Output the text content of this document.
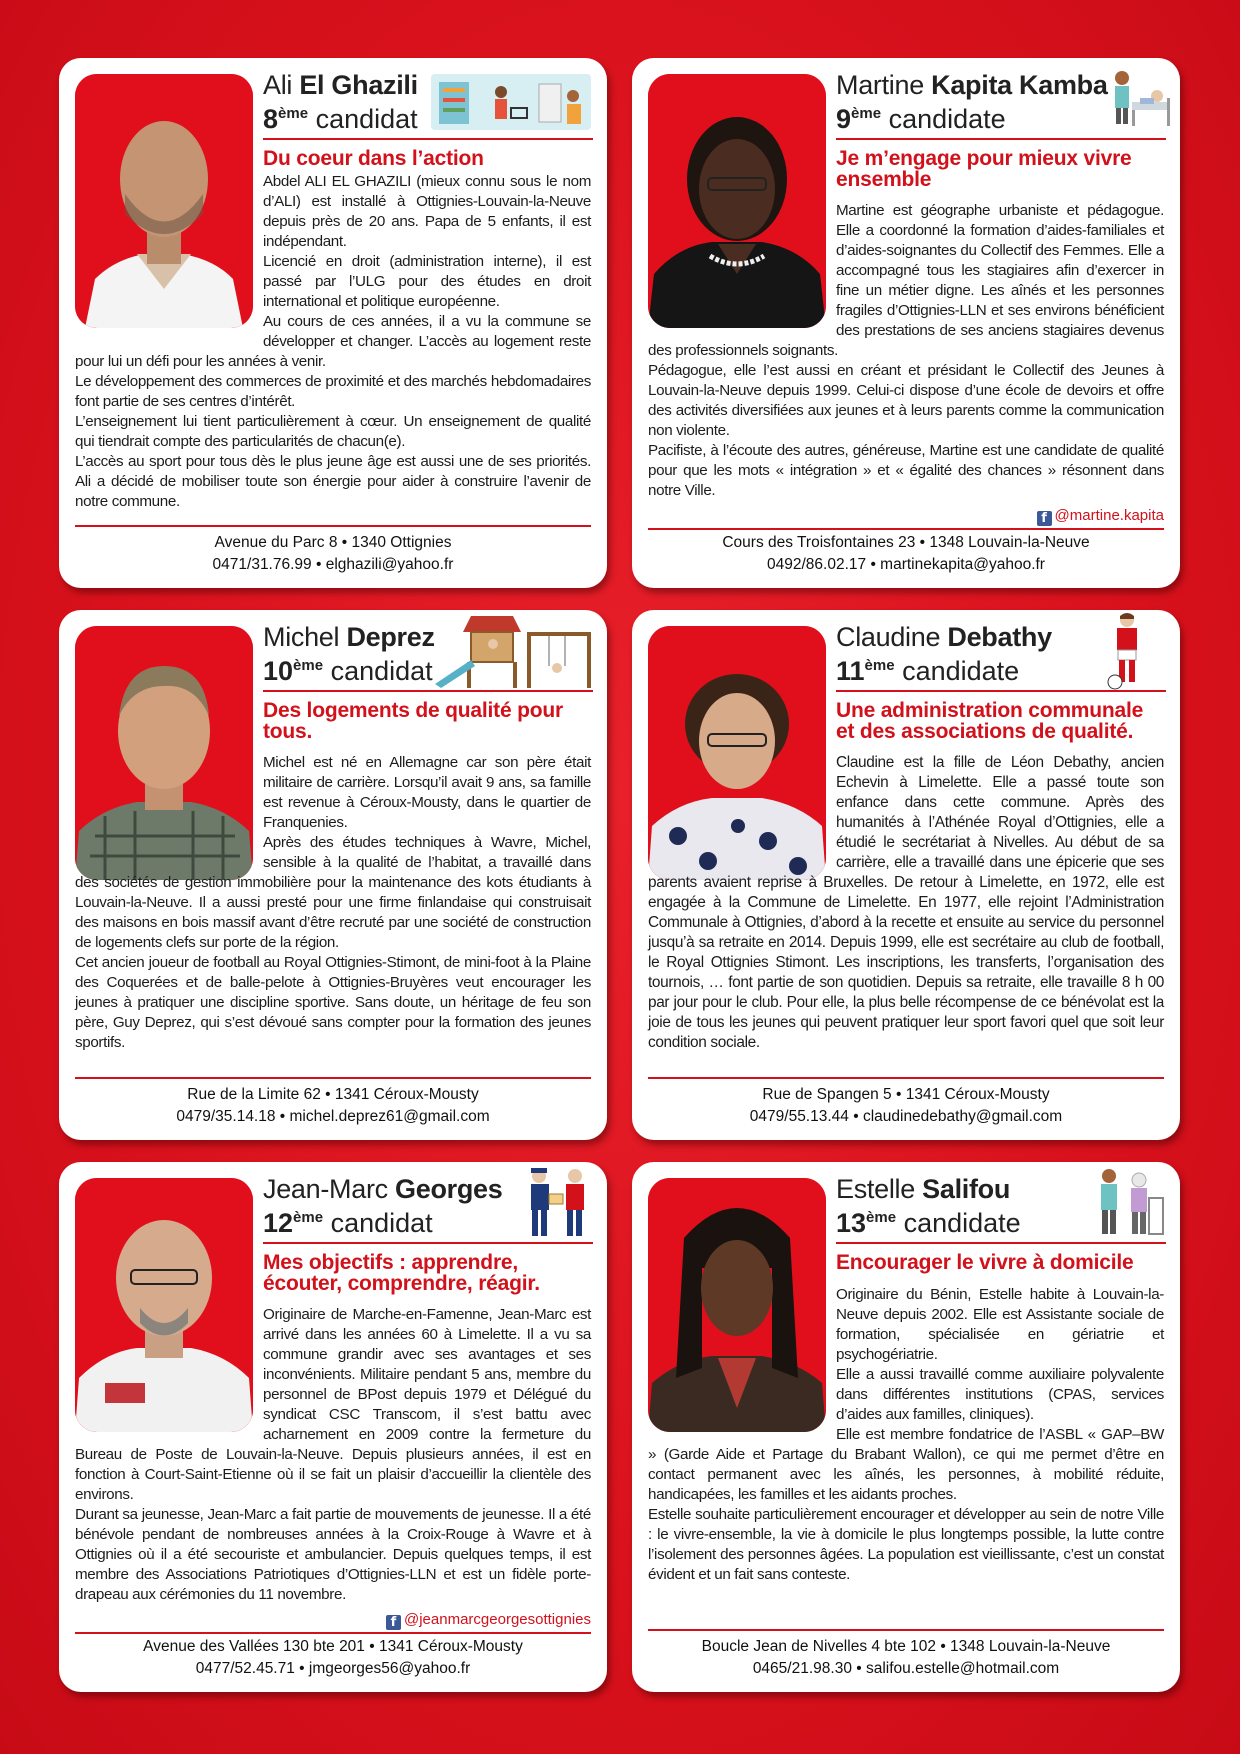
Ali El Ghazili
8ème candidat
Du coeur dans l’action

Abdel ALI EL GHAZILI (mieux connu sous le nom d’ALI) est installé à Ottignies-Louvain-la-Neuve depuis près de 20 ans. Papa de 5 enfants, il est indépendant.

Licencié en droit (administration interne), il est passé par l’ULG pour des études en droit international et politique européenne.

Au cours de ces années, il a vu la commune se développer et changer. L’accès au logement reste pour lui un défi pour les années à venir.

Le développement des commerces de proximité et des marchés hebdomadaires font partie de ses centres d’intérêt.

L’enseignement lui tient particulièrement à cœur. Un enseignement de qualité qui tiendrait compte des particularités de chacun(e).

L’accès au sport pour tous dès le plus jeune âge est aussi une de ses priorités. Ali a décidé de mobiliser toute son énergie pour aider à construire l’avenir de notre commune.

Avenue du Parc 8 • 1340 Ottignies
0471/31.76.99 • elghazili@yahoo.fr
Martine Kapita Kamba
9ème candidate
Je m’engage pour mieux vivre ensemble

Martine est géographe urbaniste et pédagogue. Elle a coordonné la formation d’aides-familiales et d’aides-soignantes du Collectif des Femmes. Elle a accompagné tous les stagiaires afin d’exercer in fine un métier digne. Les aînés et les personnes fragiles d’Ottignies-LLN et ses environs bénéficient des prestations de ses anciens stagiaires devenus des professionnels soignants.

Pédagogue, elle l’est aussi en créant et présidant le Collectif des Jeunes à Louvain-la-Neuve depuis 1999. Celui-ci dispose d’une école de devoirs et offre des activités diversifiées aux jeunes et à leurs parents comme la communication non violente.

Pacifiste, à l’écoute des autres, généreuse, Martine est une candidate de qualité pour que les mots « intégration » et « égalité des chances » résonnent dans notre Ville.

f @martine.kapita
Cours des Troisfontaines 23 • 1348 Louvain-la-Neuve
0492/86.02.17 • martinekapita@yahoo.fr
Michel Deprez
10ème candidat
Des logements de qualité pour tous.

Michel est né en Allemagne car son père était militaire de carrière. Lorsqu’il avait 9 ans, sa famille est revenue à Céroux-Mousty, dans le quartier de Franquenies.

Après des études techniques à Wavre, Michel, sensible à la qualité de l’habitat, a travaillé dans des sociétés de gestion immobilière pour la maintenance des kots étudiants à Louvain-la-Neuve. Il a aussi presté pour une firme finlandaise qui construisait des maisons en bois massif avant d’être recruté par une société de construction de logements clefs sur porte de la région.

Cet ancien joueur de football au Royal Ottignies-Stimont, de mini-foot à la Plaine des Coquerées et de balle-pelote à Ottignies-Bruyères veut encourager les jeunes à pratiquer une discipline sportive. Sans doute, un héritage de feu son père, Guy Deprez, qui s’est dévoué sans compter pour la formation des jeunes sportifs.

Rue de la Limite 62 • 1341 Céroux-Mousty
0479/35.14.18 • michel.deprez61@gmail.com
Claudine Debathy
11ème candidate
Une administration communale et des associations de qualité.

Claudine est la fille de Léon Debathy, ancien Echevin à Limelette. Elle a passé toute son enfance dans cette commune. Après des humanités à l’Athénée Royal d’Ottignies, elle a étudié le secrétariat à Nivelles. Au début de sa carrière, elle a travaillé dans une épicerie que ses parents avaient reprise à Bruxelles. De retour à Limelette, en 1972, elle est engagée à la Commune de Limelette. En 1977, elle rejoint l’Administration Communale à Ottignies, d’abord à la recette et ensuite au service du personnel jusqu’à sa retraite en 2014. Depuis 1999, elle est secrétaire au club de football, le Royal Ottignies Stimont. Les inscriptions, les transferts, l’organisation des tournois, … font partie de son quotidien. Depuis sa retraite, elle travaille 8 h 00 par jour pour le club. Pour elle, la plus belle récompense de ce bénévolat est la joie de tous les jeunes qui peuvent pratiquer leur sport favori quel que soit leur condition sociale.

Rue de Spangen 5 • 1341 Céroux-Mousty
0479/55.13.44 • claudinedebathy@gmail.com
Jean-Marc Georges
12ème candidat
Mes objectifs : apprendre, écouter, comprendre, réagir.

Originaire de Marche-en-Famenne, Jean-Marc est arrivé dans les années 60 à Limelette. Il a vu sa commune grandir avec ses avantages et ses inconvénients. Militaire pendant 5 ans, membre du personnel de BPost depuis 1979 et Délégué du syndicat CSC Transcom, il s’est battu avec acharnement en 2009 contre la fermeture du Bureau de Poste de Louvain-la-Neuve. Depuis plusieurs années, il est en fonction à Court-Saint-Etienne où il se fait un plaisir d’accueillir la clientèle des environs.

Durant sa jeunesse, Jean-Marc a fait partie de mouvements de jeunesse. Il a été bénévole pendant de nombreuses années à la Croix-Rouge à Wavre et à Ottignies où il a été secouriste et ambulancier. Depuis quelques temps, il est membre des Associations Patriotiques d’Ottignies-LLN et est un fidèle porte-drapeau aux cérémonies du 11 novembre.

f @jeanmarcgeorgesottignies
Avenue des Vallées 130 bte 201 • 1341 Céroux-Mousty
0477/52.45.71 • jmgeorges56@yahoo.fr
Estelle Salifou
13ème candidate
Encourager le vivre à domicile

Originaire du Bénin, Estelle habite à Louvain-la-Neuve depuis 2002. Elle est Assistante sociale de formation, spécialisée en gériatrie et psychogériatrie.

Elle a aussi travaillé comme auxiliaire polyvalente dans différentes institutions (CPAS, services d’aides aux familles, cliniques).

Elle est membre fondatrice de l’ASBL « GAP–BW » (Garde Aide et Partage du Brabant Wallon), ce qui me permet d’être en contact permanent avec les aînés, les personnes, à mobilité réduite, handicapées, les familles et les aidants proches.

Estelle souhaite particulièrement encourager et développer au sein de notre Ville : le vivre-ensemble, la vie à domicile le plus longtemps possible, la lutte contre l’isolement des personnes âgées. La population est vieillissante, c’est un constat évident et un fait sans conteste.

Boucle Jean de Nivelles 4 bte 102 • 1348 Louvain-la-Neuve
0465/21.98.30 • salifou.estelle@hotmail.com
